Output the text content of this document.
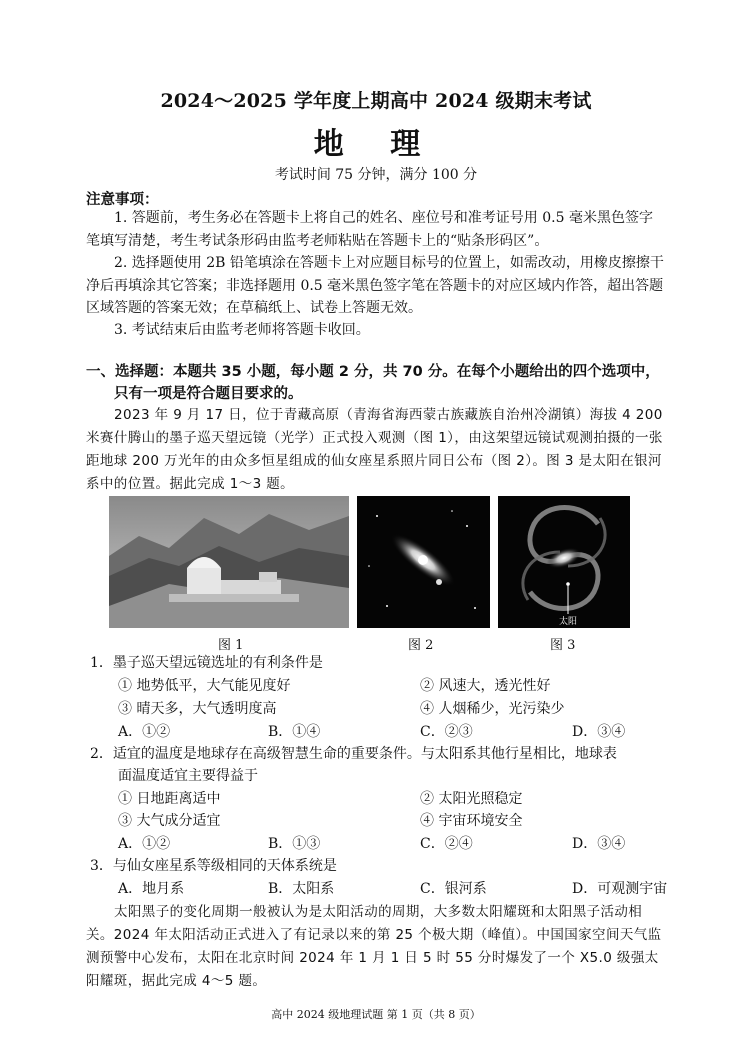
2024～2025 学年度上期高中 2024 级期末考试
地 理
考试时间 75 分钟，满分 100 分
注意事项：
1. 答题前，考生务必在答题卡上将自己的姓名、座位号和准考证号用 0.5 毫米黑色签字笔填写清楚，考生考试条形码由监考老师粘贴在答题卡上的“贴条形码区”。
2. 选择题使用 2B 铅笔填涂在答题卡上对应题目标号的位置上，如需改动，用橡皮擦擦干净后再填涂其它答案；非选择题用 0.5 毫米黑色签字笔在答题卡的对应区域内作答，超出答题区域答题的答案无效；在草稿纸上、试卷上答题无效。
3. 考试结束后由监考老师将答题卡收回。
一、选择题：本题共 35 小题，每小题 2 分，共 70 分。在每个小题给出的四个选项中，
只有一项是符合题目要求的。
2023 年 9 月 17 日，位于青藏高原（青海省海西蒙古族藏族自治州冷湖镇）海拔 4 200 米赛什腾山的墨子巡天望远镜（光学）正式投入观测（图 1），由这架望远镜试观测拍摄的一张距地球 200 万光年的由众多恒星组成的仙女座星系照片同日公布（图 2）。图 3 是太阳在银河系中的位置。据此完成 1～3 题。
太阳
图 1	图 2	图 3
1．墨子巡天望远镜选址的有利条件是
① 地势低平，大气能见度好	② 风速大，透光性好
③ 晴天多，大气透明度高	④ 人烟稀少，光污染少
A．①②	B．①④	C．②③	D．③④
2．适宜的温度是地球存在高级智慧生命的重要条件。与太阳系其他行星相比，地球表
面温度适宜主要得益于
① 日地距离适中	② 太阳光照稳定
③ 大气成分适宜	④ 宇宙环境安全
A．①②	B．①③	C．②④	D．③④
3．与仙女座星系等级相同的天体系统是
A．地月系	B．太阳系	C．银河系	D．可观测宇宙
太阳黑子的变化周期一般被认为是太阳活动的周期，大多数太阳耀斑和太阳黑子活动相关。2024 年太阳活动正式进入了有记录以来的第 25 个极大期（峰值）。中国国家空间天气监测预警中心发布，太阳在北京时间 2024 年 1 月 1 日 5 时 55 分时爆发了一个 X5.0 级强太阳耀斑，据此完成 4～5 题。
高中 2024 级地理试题 第 1 页（共 8 页）
